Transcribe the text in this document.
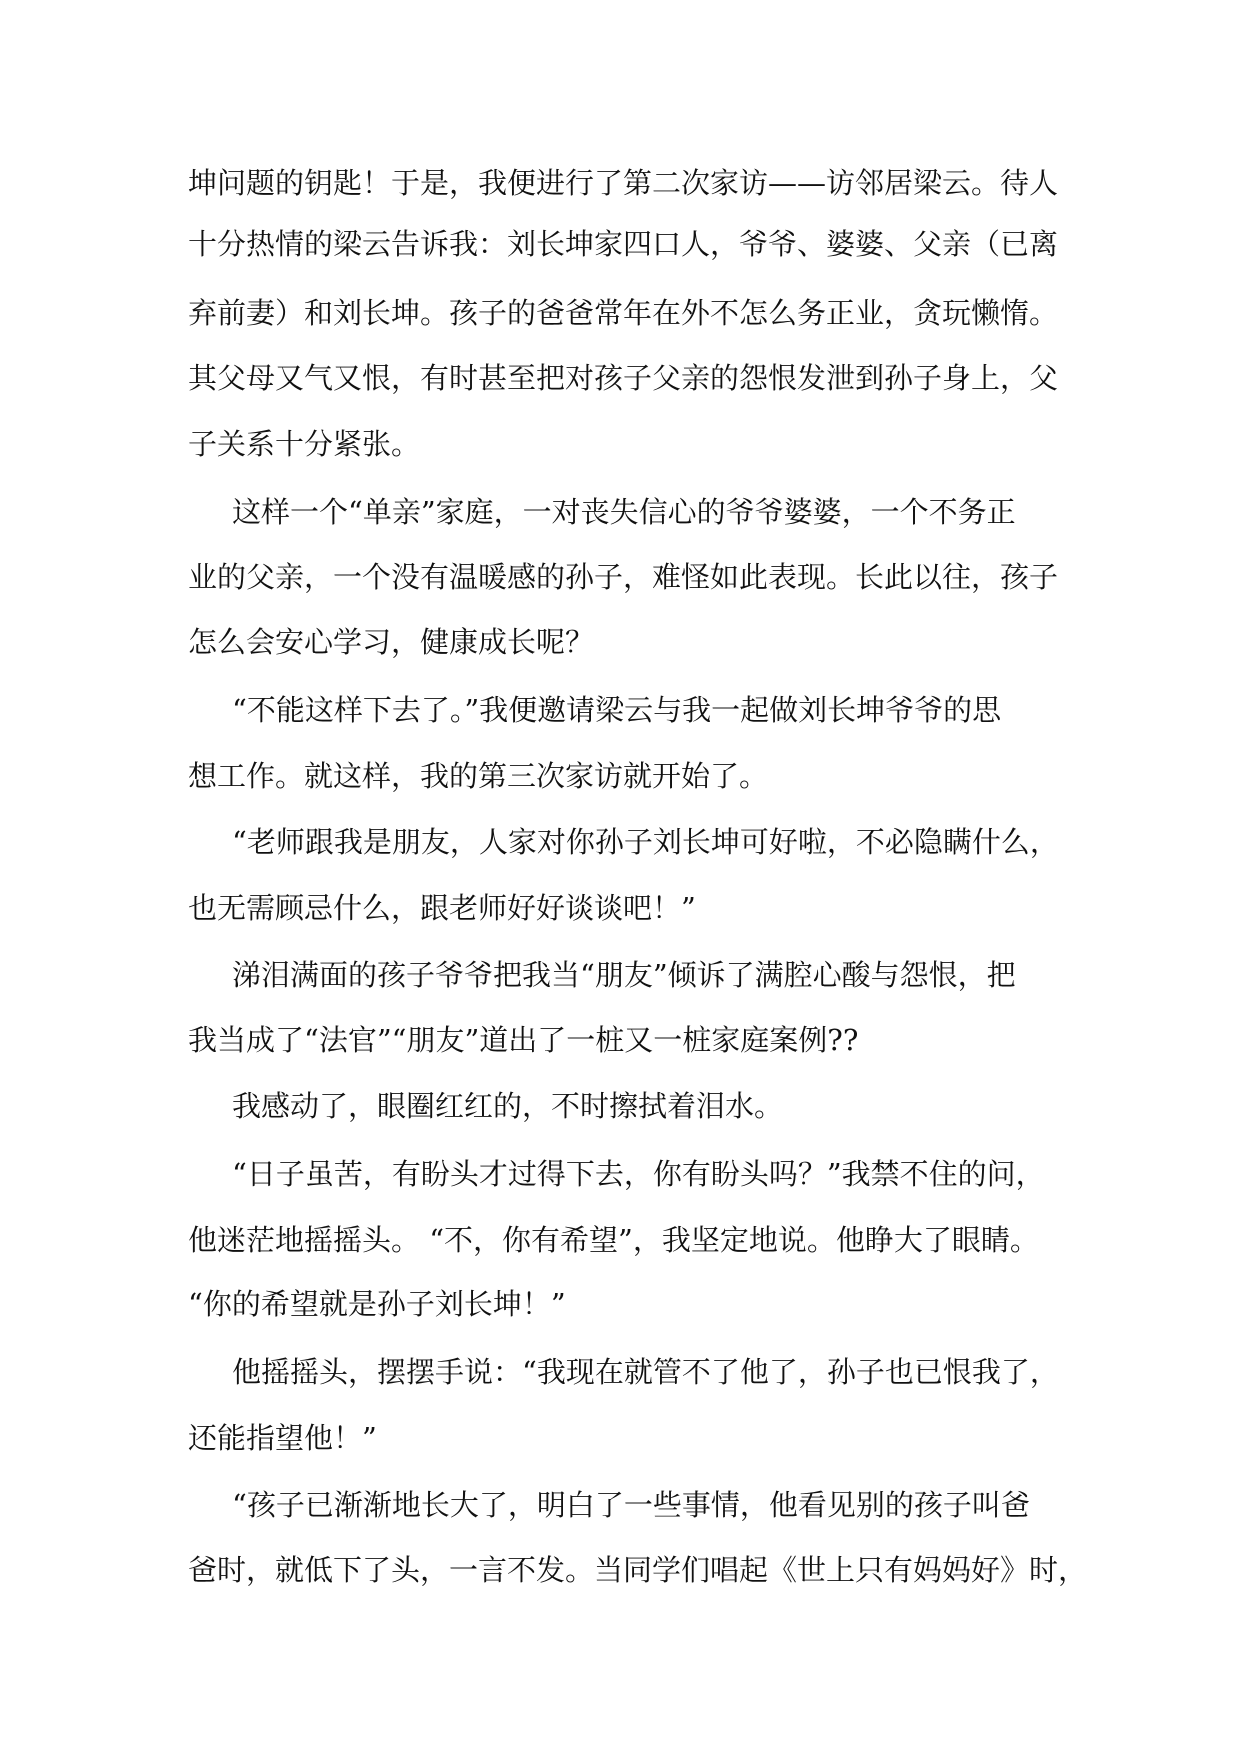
坤问题的钥匙！于是，我便进行了第二次家访——访邻居梁云。待人
十分热情的梁云告诉我：刘长坤家四口人，爷爷、婆婆、父亲（已离
弃前妻）和刘长坤。孩子的爸爸常年在外不怎么务正业，贪玩懒惰。
其父母又气又恨，有时甚至把对孩子父亲的怨恨发泄到孙子身上，父
子关系十分紧张。
这样一个“单亲”家庭，一对丧失信心的爷爷婆婆，一个不务正
业的父亲，一个没有温暖感的孙子，难怪如此表现。长此以往，孩子
怎么会安心学习，健康成长呢？
“不能这样下去了。”我便邀请梁云与我一起做刘长坤爷爷的思
想工作。就这样，我的第三次家访就开始了。
“老师跟我是朋友，人家对你孙子刘长坤可好啦，不必隐瞒什么，
也无需顾忌什么，跟老师好好谈谈吧！”
涕泪满面的孩子爷爷把我当“朋友”倾诉了满腔心酸与怨恨，把
我当成了“法官”“朋友”道出了一桩又一桩家庭案例??
我感动了，眼圈红红的，不时擦拭着泪水。
“日子虽苦，有盼头才过得下去，你有盼头吗？”我禁不住的问，
他迷茫地摇摇头。 “不，你有希望”，我坚定地说。他睁大了眼睛。
“你的希望就是孙子刘长坤！”
他摇摇头，摆摆手说：“我现在就管不了他了，孙子也已恨我了，
还能指望他！”
“孩子已渐渐地长大了，明白了一些事情，他看见别的孩子叫爸
爸时，就低下了头，一言不发。当同学们唱起《世上只有妈妈好》时，
